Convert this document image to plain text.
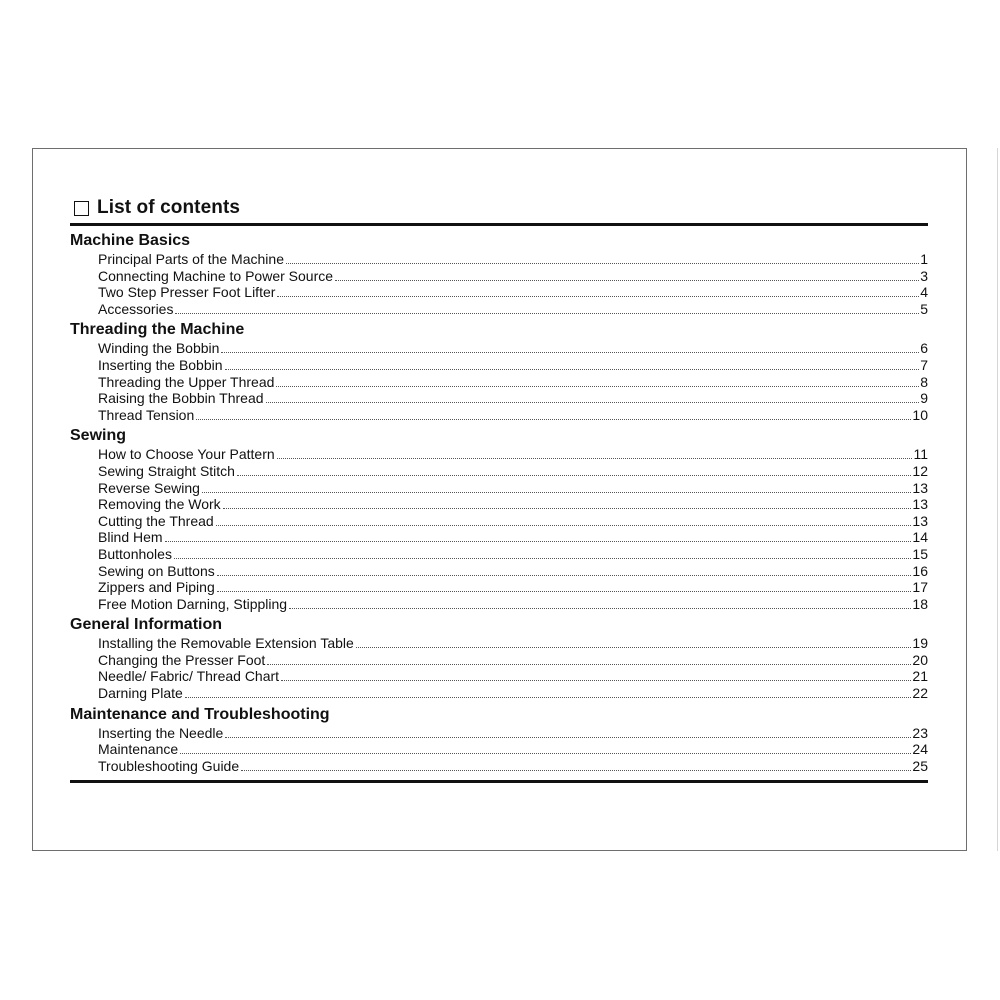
List of contents
Machine Basics
Principal Parts of the Machine	1
Connecting Machine to Power Source	3
Two Step Presser Foot Lifter	4
Accessories	5
Threading the Machine
Winding the Bobbin	6
Inserting the Bobbin	7
Threading the Upper Thread	8
Raising the Bobbin Thread	9
Thread Tension	10
Sewing
How to Choose Your Pattern	11
Sewing Straight Stitch	12
Reverse Sewing	13
Removing the Work	13
Cutting the Thread	13
Blind Hem	14
Buttonholes	15
Sewing on Buttons	16
Zippers and Piping	17
Free Motion Darning, Stippling	18
General Information
Installing the Removable Extension Table	19
Changing the Presser Foot	20
Needle/ Fabric/ Thread Chart	21
Darning Plate	22
Maintenance and Troubleshooting
Inserting the Needle	23
Maintenance	24
Troubleshooting Guide	25
